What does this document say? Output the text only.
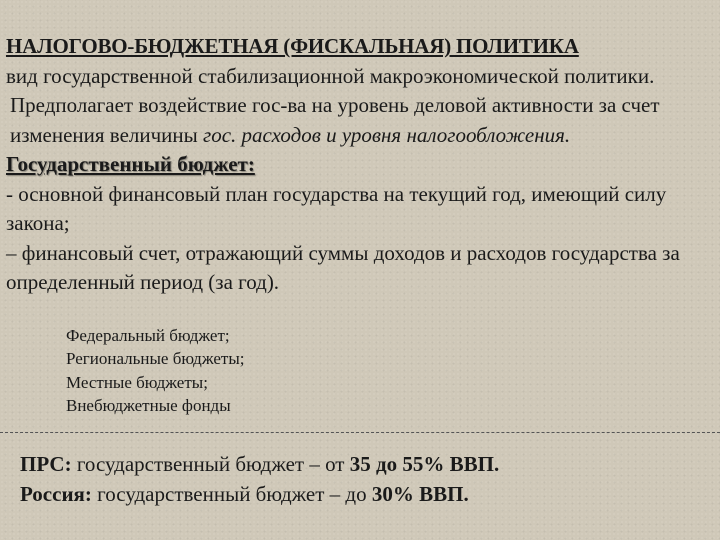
НАЛОГОВО-БЮДЖЕТНАЯ (ФИСКАЛЬНАЯ) ПОЛИТИКА

вид государственной стабилизационной макроэкономической политики.

Предполагает воздействие гос-ва на уровень деловой активности за счет изменения величины гос. расходов и уровня налогообложения.

Государственный бюджет:

- основной финансовый план государства на текущий год, имеющий силу закона;

– финансовый счет, отражающий суммы доходов и расходов государства за определенный период (за год).

Федеральный бюджет;
Региональные бюджеты;
Местные бюджеты;
Внебюджетные фонды

ПРС: государственный бюджет – от 35 до 55% ВВП.

Россия: государственный бюджет – до 30% ВВП.
